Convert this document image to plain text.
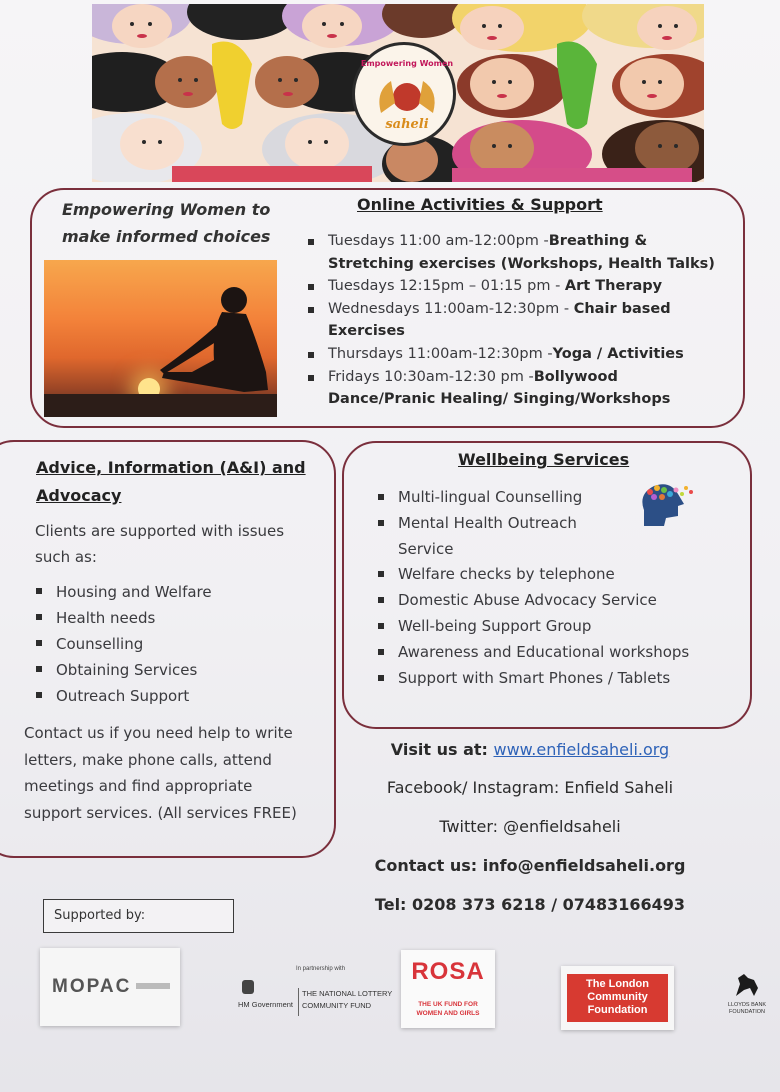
Empowering Women
saheli
Empowering Women to
make informed choices
Online Activities & Support
Tuesdays 11:00 am-12:00pm -Breathing &
Stretching exercises (Workshops, Health Talks)
Tuesdays 12:15pm – 01:15 pm - Art Therapy
Wednesdays 11:00am-12:30pm - Chair based
Exercises
Thursdays 11:00am-12:30pm -Yoga / Activities
Fridays 10:30am-12:30 pm -Bollywood
Dance/Pranic Healing/ Singing/Workshops
Advice, Information (A&I) and
Advocacy
Clients are supported with issues
such as:
Housing and Welfare
Health needs
Counselling
Obtaining Services
Outreach Support
Contact us if you need help to write
letters, make phone calls, attend
meetings and find appropriate
support services. (All services FREE)
Wellbeing Services
Multi-lingual Counselling
Mental Health Outreach
Service
Welfare checks by telephone
Domestic Abuse Advocacy Service
Well-being Support Group
Awareness and Educational workshops
Support with Smart Phones / Tablets
Visit us at: www.enfieldsaheli.org
Facebook/ Instagram: Enfield Saheli
Twitter: @enfieldsaheli
Contact us: info@enfieldsaheli.org
Tel: 0208 373 6218 / 07483166493
Supported by:
MOPAC
HM Government
In partnership with
THE NATIONAL LOTTERY
COMMUNITY FUND
ROSA
THE UK FUND FOR
WOMEN AND GIRLS
The London
Community
Foundation	LLOYDS BANK
FOUNDATION
